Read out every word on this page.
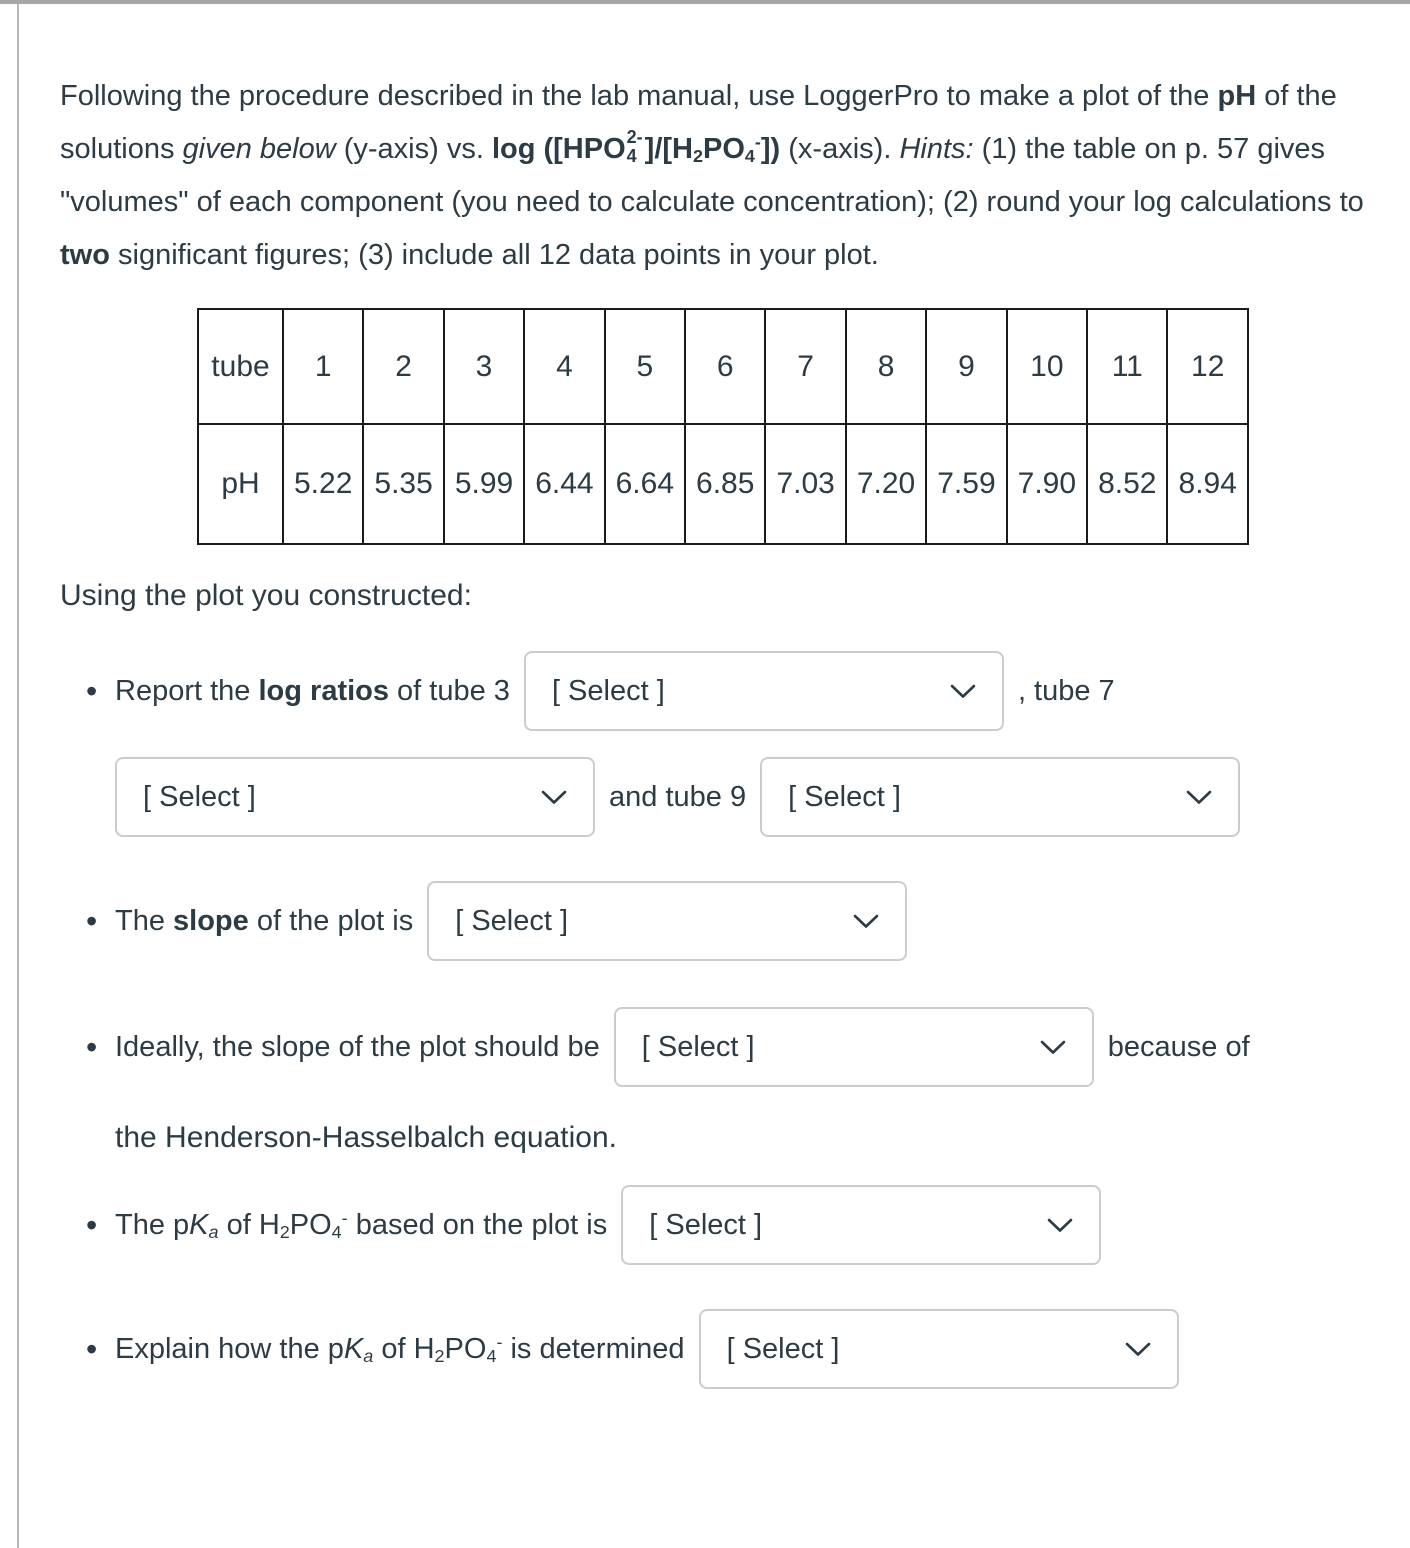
Following the procedure described in the lab manual, use LoggerPro to make a plot of the pH of the solutions given below (y-axis) vs. log ([HPO 2-
4 ]$/[H_2PO_4^-]$) (x-axis). Hints: (1) the table on p. 57 gives "volumes" of each component (you need to calculate concentration); (2) round your log calculations to two significant figures; (3) include all 12 data points in your plot.

tube	1	2	3	4	5	6	7	8	9	10	11	12
pH	5.22	5.35	5.99	6.44	6.64	6.85	7.03	7.20	7.59	7.90	8.52	8.94

Using the plot you constructed:

• Report the log ratios of tube 3 [ Select ]	, tube 7
[ Select ]	and tube 9 [ Select ]
• The slope of the plot is [ Select ]
• Ideally, the slope of the plot should be [ Select ]	because of
the Henderson-Hasselbalch equation.
• The $pK_a$ of $H_2PO_4^-$ based on the plot is [ Select ]
• Explain how the $pK_a$ of $H_2PO_4^-$ is determined [ Select ]
